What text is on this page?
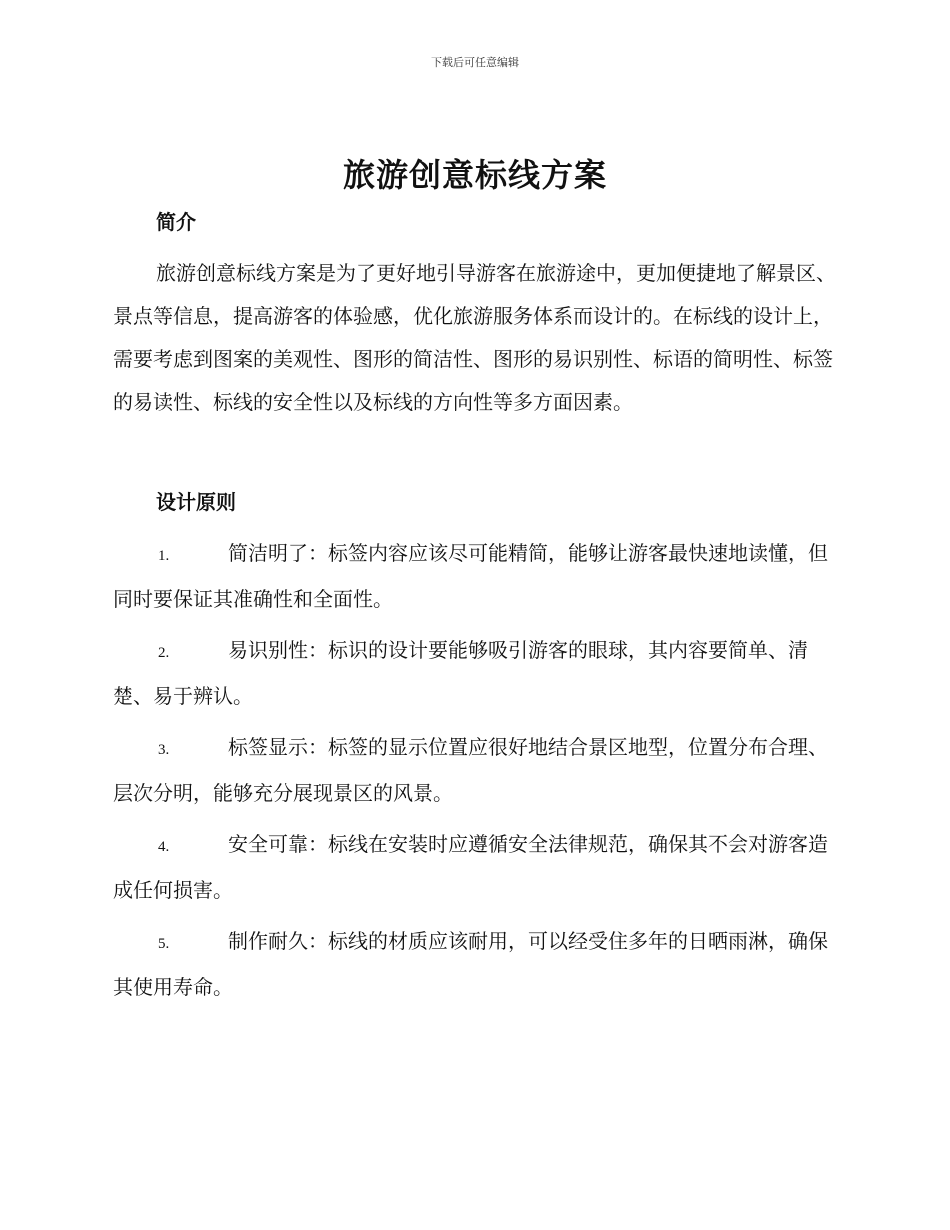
下载后可任意编辑
旅游创意标线方案
简介
旅游创意标线方案是为了更好地引导游客在旅游途中，更加便捷地了解景区、景点等信息，提高游客的体验感，优化旅游服务体系而设计的。在标线的设计上，需要考虑到图案的美观性、图形的简洁性、图形的易识别性、标语的简明性、标签的易读性、标线的安全性以及标线的方向性等多方面因素。
设计原则
1.	简洁明了：标签内容应该尽可能精简，能够让游客最快速地读懂，但同时要保证其准确性和全面性。
2.	易识别性：标识的设计要能够吸引游客的眼球，其内容要简单、清楚、易于辨认。
3.	标签显示：标签的显示位置应很好地结合景区地型，位置分布合理、层次分明，能够充分展现景区的风景。
4.	安全可靠：标线在安装时应遵循安全法律规范，确保其不会对游客造成任何损害。
5.	制作耐久：标线的材质应该耐用，可以经受住多年的日晒雨淋，确保其使用寿命。
